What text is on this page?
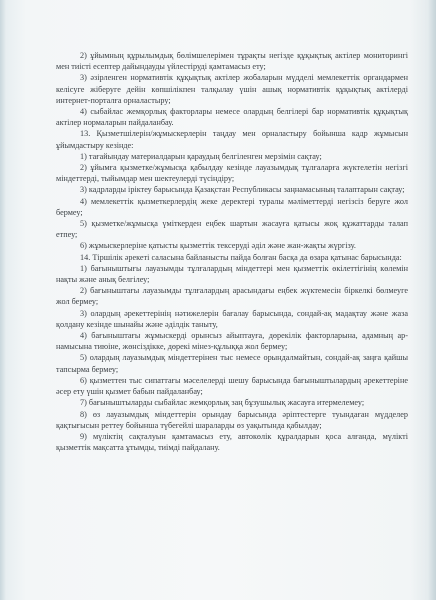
2) ұйымның құрылымдық бөлімшелерімен тұрақты негізде құқықтық актілер мониторингі мен тиісті есептер дайындауды үйлестіруді қамтамасыз ету;

3) әзірленген нормативтік құқықтық актілер жобаларын мүдделі мемлекеттік органдармен келісуге жіберуге дейін көпшілікпен талқылау үшін ашық нормативтік құқықтық актілерді интернет-порталға орналастыру;

4) сыбайлас жемқорлық факторлары немесе олардың белгілері бар нормативтік құқықтық актілер нормаларын пайдаланбау.

13. Қызметшілерін/жұмыскерлерін таңдау мен орналастыру бойынша кадр жұмысын ұйымдастыру кезінде:

1) тағайындау материалдарын қараудың белгіленген мерзімін сақтау;

2) ұйымға қызметке/жұмысқа қабылдау кезінде лауазымдық тұлғаларға жүктелетін негізгі міндеттерді, тыйымдар мен шектеулерді түсіндіру;

3) кадрларды іріктеу барысында Қазақстан Республикасы заңнамасының талаптарын сақтау;

4) мемлекеттік қызметкерлердің жеке деректері туралы мәліметтерді негізсіз беруге жол бермеу;

5) қызметке/жұмысқа үміткерден еңбек шартын жасауға қатысы жоқ құжаттарды талап етпеу;

6) жұмыскерлеріне қатысты қызметтік тексеруді әділ және жан-жақты жүргізу.

14. Тіршілік әрекеті саласына байланысты пайда болған басқа да өзара қатынас барысында:

1) бағыныштығы лауазымды тұлғалардың міндеттері мен қызметтік өкілеттігінің көлемін нақты және анық белгілеу;

2) бағыныштағы лауазымды тұлғалардың арасындағы еңбек жүктемесін біркелкі бөлмеуге жол бермеу;

3) олардың әрекеттерінің нәтижелерін бағалау барысында, сондай-ақ мадақтау және жаза қолдану кезінде шынайы және әділдік таныту,

4) бағыныштағы жұмыскерді орынсыз айыптауға, дөрекілік факторларына, адамның ар-намысына тиюіне, жөнсіздікке, дөрекі мінез-құлыққа жол бермеу;

5) олардың лауазымдық міндеттерінен тыс немесе орындалмайтын, сондай-ақ заңға қайшы тапсырма бермеу;

6) қызметтен тыс сипаттағы мәселелерді шешу барысында бағыныштылардың әрекеттеріне әсер ету үшін қызмет бабын пайдаланбау;

7) бағыныштыларды сыбайлас жемқорлық заң бұзушылық жасауға итермелемеу;

8) өз лауазымдық міндеттерін орындау барысында әріптестерге туындаған мүдделер қақтығысын реттеу бойынша түбегейлі шараларды өз уақытында қабылдау;

9) мүліктің сақталуын қамтамасыз ету, автокөлік құралдарын қоса алғанда, мүлікті қызметтік мақсатта ұтымды, тиімді пайдалану.
